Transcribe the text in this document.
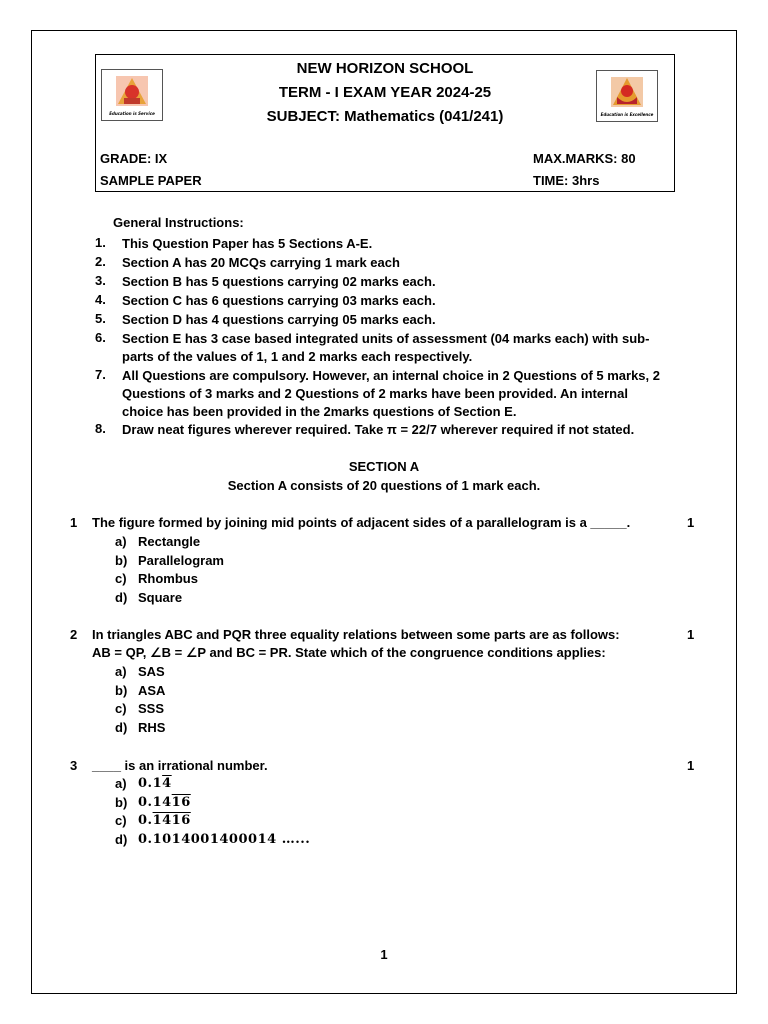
Education is Service
NEW HORIZON SCHOOL
TERM - I EXAM YEAR 2024-25
SUBJECT: Mathematics (041/241)	Education is Excellence
GRADE: IX	MAX.MARKS: 80
SAMPLE PAPER	TIME: 3hrs
General Instructions:
1. This Question Paper has 5 Sections A-E.
2. Section A has 20 MCQs carrying 1 mark each
3. Section B has 5 questions carrying 02 marks each.
4. Section C has 6 questions carrying 03 marks each.
5. Section D has 4 questions carrying 05 marks each.
6. Section E has 3 case based integrated units of assessment (04 marks each) with sub-parts of the values of 1, 1 and 2 marks each respectively.
7. All Questions are compulsory. However, an internal choice in 2 Questions of 5 marks, 2 Questions of 3 marks and 2 Questions of 2 marks have been provided. An internal choice has been provided in the 2marks questions of Section E.
8. Draw neat figures wherever required. Take π = 22/7 wherever required if not stated.
SECTION A
Section A consists of 20 questions of 1 mark each.
1 The figure formed by joining mid points of adjacent sides of a parallelogram is a _____.	1
a) Rectangle
b) Parallelogram
c) Rhombus
d) Square
2 In triangles ABC and PQR three equality relations between some parts are as follows:	1
AB = QP, ∠B = ∠P and BC = PR. State which of the congruence conditions applies:
a) SAS
b) ASA
c) SSS
d) RHS
3 ____ is an irrational number.	1
a) 0.14
b) 0.1416
c) 0.1416
d) 0.1014001400014 …...
1
